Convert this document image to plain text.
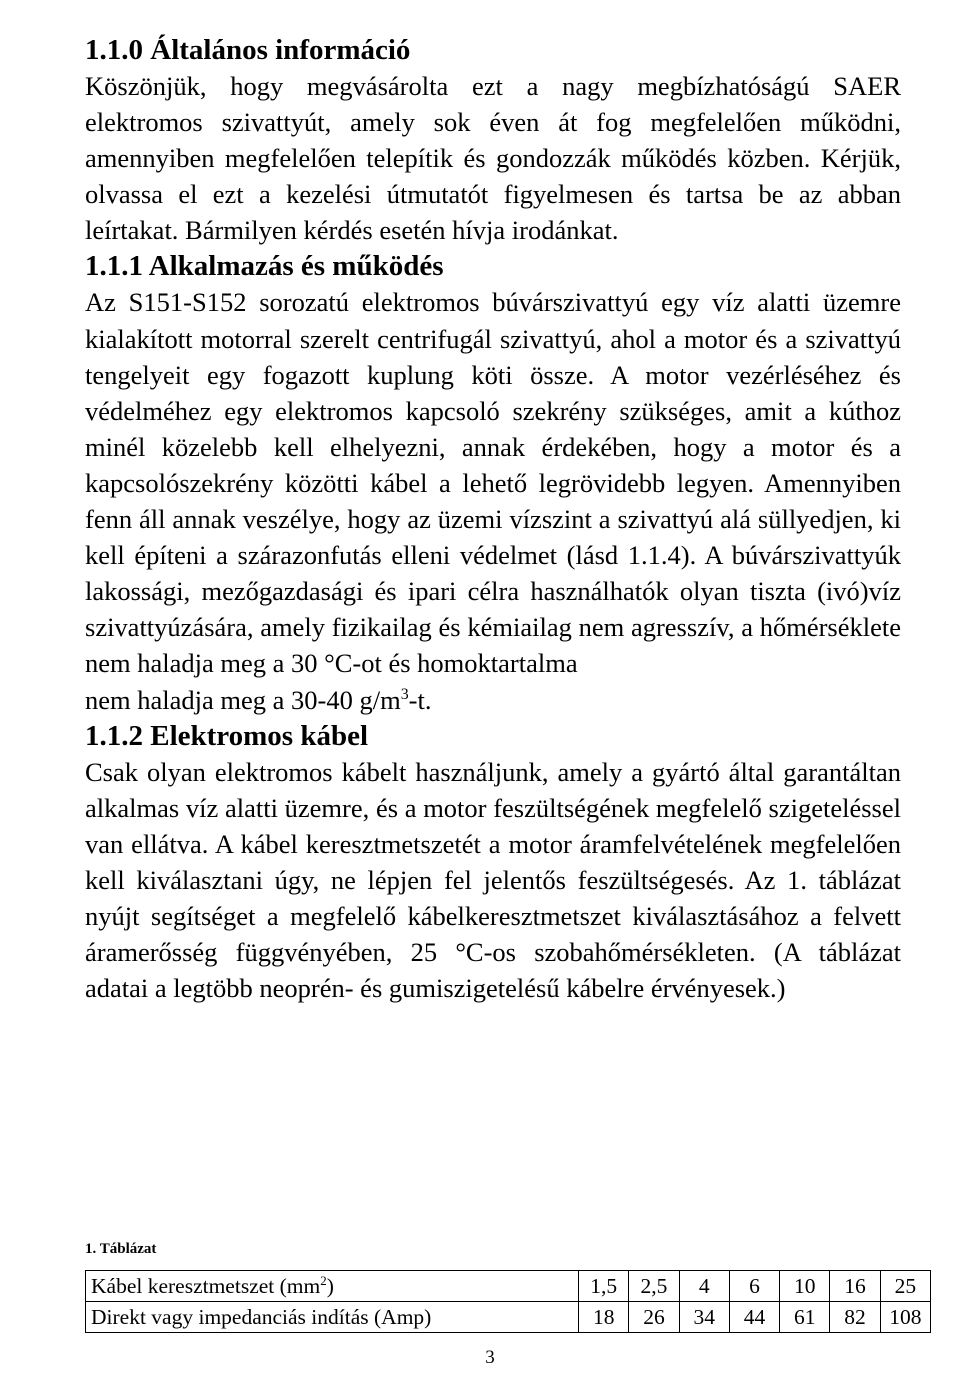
1.1.0 Általános információ

Köszönjük, hogy megvásárolta ezt a nagy megbízhatóságú SAER elektromos szivattyút, amely sok éven át fog megfelelően működni, amennyiben megfelelően telepítik és gondozzák működés közben. Kérjük, olvassa el ezt a kezelési útmutatót figyelmesen és tartsa be az abban leírtakat. Bármilyen kérdés esetén hívja irodánkat.

1.1.1 Alkalmazás és működés

Az S151-S152 sorozatú elektromos búvárszivattyú egy víz alatti üzemre kialakított motorral szerelt centrifugál szivattyú, ahol a motor és a szivattyú tengelyeit egy fogazott kuplung köti össze. A motor vezérléséhez és védelméhez egy elektromos kapcsoló szekrény szükséges, amit a kúthoz minél közelebb kell elhelyezni, annak érdekében, hogy a motor és a kapcsolószekrény közötti kábel a lehető legrövidebb legyen. Amennyiben fenn áll annak veszélye, hogy az üzemi vízszint a szivattyú alá süllyedjen, ki kell építeni a szárazonfutás elleni védelmet (lásd 1.1.4). A búvárszivattyúk lakossági, mezőgazdasági és ipari célra használhatók olyan tiszta (ivó)víz szivattyúzására, amely fizikailag és kémiailag nem agresszív, a hőmérséklete nem haladja meg a 30 °C-ot és homoktartalma

nem haladja meg a 30-40 $g/m^3-t$.

1.1.2 Elektromos kábel

Csak olyan elektromos kábelt használjunk, amely a gyártó által garantáltan alkalmas víz alatti üzemre, és a motor feszültségének megfelelő szigeteléssel van ellátva. A kábel keresztmetszetét a motor áramfelvételének megfelelően kell kiválasztani úgy, ne lépjen fel jelentős feszültségesés. Az 1. táblázat nyújt segítséget a megfelelő kábelkeresztmetszet kiválasztásához a felvett áramerősség függvényében, 25 °C-os szobahőmérsékleten. (A táblázat adatai a legtöbb neoprén- és gumiszigetelésű kábelre érvényesek.)

1. Táblázat
Kábel keresztmetszet $(mm^2)$	1,5	2,5	4	6	10	16	25
Direkt vagy impedanciás indítás (Amp)	18	26	34	44	61	82	108
3
